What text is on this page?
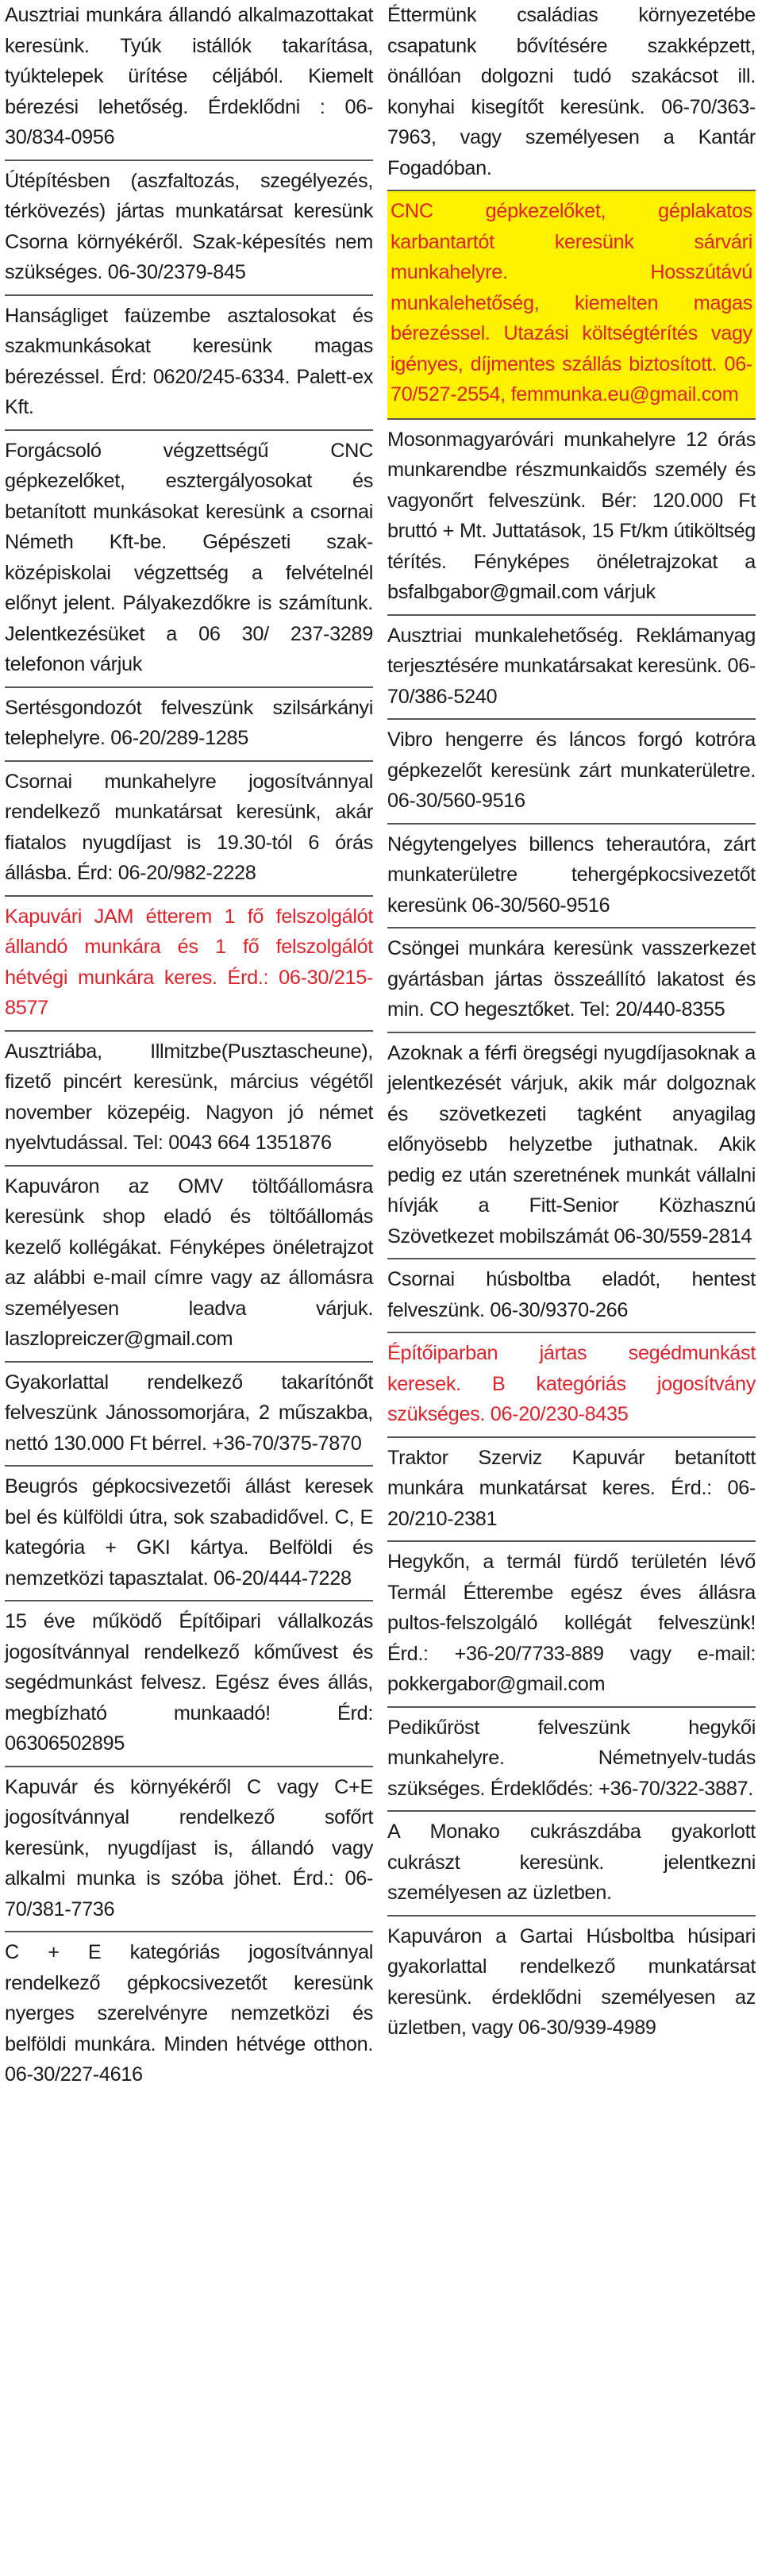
Ausztriai munkára állandó alkalmazottakat keresünk. Tyúk istállók takarítása, tyúktelepek ürítése céljából. Kiemelt bérezési lehetőség. Érdeklődni : 06-30/834-0956
Útépítésben (aszfaltozás, szegélyezés, térkövezés) jártas munkatársat keresünk Csorna környékéről. Szak-képesítés nem szükséges. 06-30/2379-845
Hanságliget faüzembe asztalosokat és szakmunkásokat keresünk magas bérezéssel. Érd: 0620/245-6334. Palett-ex Kft.
Forgácsoló végzettségű CNC gépkezelőket, esztergályosokat és betanított munkásokat keresünk a csornai Németh Kft-be. Gépészeti szak-középiskolai végzettség a felvételnél előnyt jelent. Pályakezdőkre is számítunk. Jelentkezésüket a 06 30/ 237-3289 telefonon várjuk
Sertésgondozót felveszünk szilsárkányi telephelyre. 06-20/289-1285
Csornai munkahelyre jogosítvánnyal rendelkező munkatársat keresünk, akár fiatalos nyugdíjast is 19.30-tól 6 órás állásba. Érd: 06-20/982-2228
Kapuvári JAM étterem 1 fő felszolgálót állandó munkára és 1 fő felszolgálót hétvégi munkára keres. Érd.: 06-30/215-8577
Ausztriába, Illmitzbe(Pusztascheune), fizető pincért keresünk, március végétől november közepéig. Nagyon jó német nyelvtudással. Tel: 0043 664 1351876
Kapuváron az OMV töltőállomásra keresünk shop eladó és töltőállomás kezelő kollégákat. Fényképes önéletrajzot az alábbi e-mail címre vagy az állomásra személyesen leadva várjuk. laszlopreiczer@gmail.com
Gyakorlattal rendelkező takarítónőt felveszünk Jánossomorjára, 2 műszakba, nettó 130.000 Ft bérrel. +36-70/375-7870
Beugrós gépkocsivezetői állást keresek bel és külföldi útra, sok szabadidővel. C, E kategória + GKI kártya. Belföldi és nemzetközi tapasztalat. 06-20/444-7228
15 éve működő Építőipari vállalkozás jogosítvánnyal rendelkező kőművest és segédmunkást felvesz. Egész éves állás, megbízható munkaadó! Érd: 06306502895
Kapuvár és környékéről C vagy C+E jogosítvánnyal rendelkező sofőrt keresünk, nyugdíjast is, állandó vagy alkalmi munka is szóba jöhet. Érd.: 06-70/381-7736
C + E kategóriás jogosítvánnyal rendelkező gépkocsivezetőt keresünk nyerges szerelvényre nemzetközi és belföldi munkára. Minden hétvége otthon. 06-30/227-4616
Éttermünk családias környezetébe csapatunk bővítésére szakképzett, önállóan dolgozni tudó szakácsot ill. konyhai kisegítőt keresünk. 06-70/363-7963, vagy személyesen a Kantár Fogadóban.
CNC gépkezelőket, géplakatos karbantartót keresünk sárvári munkahelyre. Hosszútávú munkalehetőség, kiemelten magas bérezéssel. Utazási költségtérítés vagy igényes, díjmentes szállás biztosított. 06-70/527-2554, femmunka.eu@gmail.com
Mosonmagyaróvári munkahelyre 12 órás munkarendbe részmunkaidős személy és vagyonőrt felveszünk. Bér: 120.000 Ft bruttó + Mt. Juttatások, 15 Ft/km útiköltség térítés. Fényképes önéletrajzokat a bsfalbgabor@gmail.com várjuk
Ausztriai munkalehetőség. Reklámanyag terjesztésére munkatársakat keresünk. 06-70/386-5240
Vibro hengerre és láncos forgó kotróra gépkezelőt keresünk zárt munkaterületre. 06-30/560-9516
Négytengelyes billencs teherautóra, zárt munkaterületre tehergépkocsivezetőt keresünk 06-30/560-9516
Csöngei munkára keresünk vasszerkezet gyártásban jártas összeállító lakatost és min. CO hegesztőket. Tel: 20/440-8355
Azoknak a férfi öregségi nyugdíjasoknak a jelentkezését várjuk, akik már dolgoznak és szövetkezeti tagként anyagilag előnyösebb helyzetbe juthatnak. Akik pedig ez után szeretnének munkát vállalni hívják a Fitt-Senior Közhasznú Szövetkezet mobilszámát 06-30/559-2814
Csornai húsboltba eladót, hentest felveszünk. 06-30/9370-266
Építőiparban jártas segédmunkást keresek. B kategóriás jogosítvány szükséges. 06-20/230-8435
Traktor Szerviz Kapuvár betanított munkára munkatársat keres. Érd.: 06-20/210-2381
Hegykőn, a termál fürdő területén lévő Termál Étterembe egész éves állásra pultos-felszolgáló kollégát felveszünk! Érd.: +36-20/7733-889 vagy e-mail: pokkergabor@gmail.com
Pedikűröst felveszünk hegykői munkahelyre. Németnyelv-tudás szükséges. Érdeklődés: +36-70/322-3887.
A Monako cukrászdába gyakorlott cukrászt keresünk. jelentkezni személyesen az üzletben.
Kapuváron a Gartai Húsboltba húsipari gyakorlattal rendelkező munkatársat keresünk. érdeklődni személyesen az üzletben, vagy 06-30/939-4989
